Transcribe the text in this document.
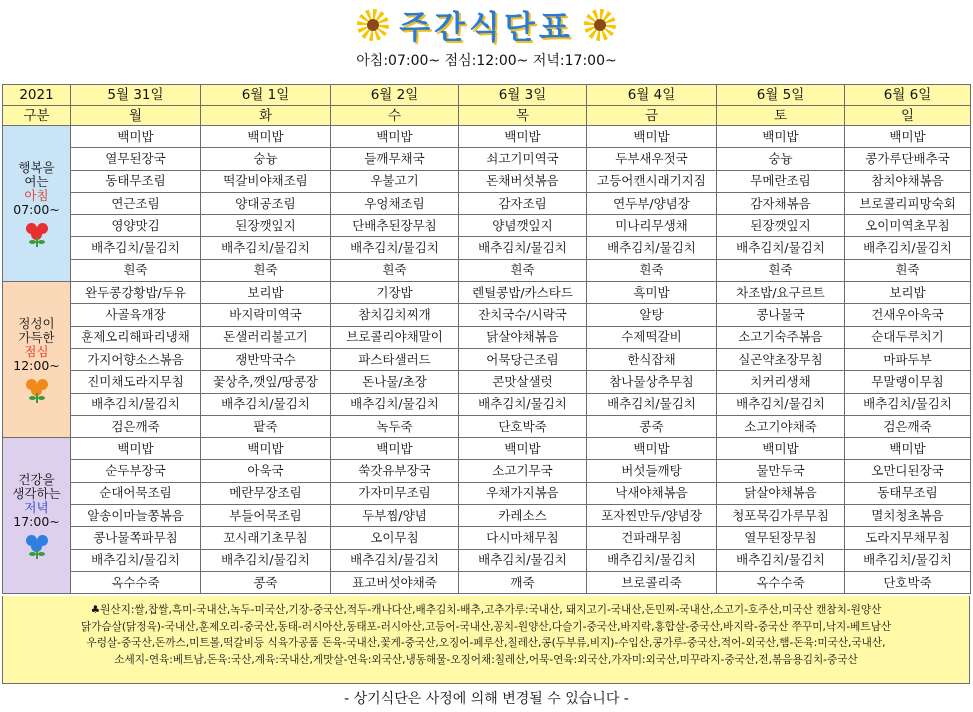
주간식단표
아침:07:00~ 점심:12:00~ 저녁:17:00~
2021	5월 31일	6월 1일	6월 2일	6월 3일	6월 4일	6월 5일	6월 6일
구분	월	화	수	목	금	토	일

행복을
여는
아침
07:00~	백미밥	백미밥	백미밥	백미밥	백미밥	백미밥	백미밥
	열무된장국	숭늉	들깨무채국	쇠고기미역국	두부새우젓국	숭늉	콩가루단배추국
	동태무조림	떡갈비야채조림	우불고기	돈채버섯볶음	고등어캔시래기지짐	무메란조림	참치야채볶음
	연근조림	양대공조림	우엉채조림	감자조림	연두부/양념장	감자채볶음	브로콜리피망숙회
	영양맛김	된장깻잎지	단배추된장무침	양념깻잎지	미나리무생채	된장깻잎지	오이미역초무침
	배추김치/물김치	배추김치/물김치	배추김치/물김치	배추김치/물김치	배추김치/물김치	배추김치/물김치	배추김치/물김치
	흰죽	흰죽	흰죽	흰죽	흰죽	흰죽	흰죽

정성이
가득한
점심
12:00~	완두콩강황밥/두유	보리밥	기장밥	렌틸콩밥/카스타드	흑미밥	차조밥/요구르트	보리밥
	사골육개장	바지락미역국	참치김치찌개	잔치국수/시락국	알탕	콩나물국	건새우아욱국
	훈제오리해파리냉채	돈샐러리불고기	브로콜리야채말이	닭살야채볶음	수제떡갈비	소고기숙주볶음	순대두루치기
	가지어향소스볶음	쟁반막국수	파스타샐러드	어묵당근조림	한식잡채	실곤약초장무침	마파두부
	진미채도라지무침	꽃상추,깻잎/땅콩장	돈나물/초장	콘맛살샐럿	참나물상추무침	치커리생채	무말랭이무침
	배추김치/물김치	배추김치/물김치	배추김치/물김치	배추김치/물김치	배추김치/물김치	배추김치/물김치	배추김치/물김치
	검은깨죽	팥죽	녹두죽	단호박죽	콩죽	소고기야채죽	검은깨죽

건강을
생각하는
저녁
17:00~	백미밥	백미밥	백미밥	백미밥	백미밥	백미밥	백미밥
	순두부장국	아욱국	쑥갓유부장국	소고기무국	버섯들깨탕	물만두국	오만디된장국
	순대어묵조림	메란무장조림	가자미무조림	우채가지볶음	낙새야채볶음	닭살야채볶음	동태무조림
	알송이마늘쫑볶음	부들어묵조림	두부찜/양념	카레소스	포자찐만두/양념장	청포묵김가루무침	멸치청초볶음
	콩나물쪽파무침	꼬시래기초무침	오이무침	다시마채무침	건파래무침	열무된장무침	도라지무채무침
	배추김치/물김치	배추김치/물김치	배추김치/물김치	배추김치/물김치	배추김치/물김치	배추김치/물김치	배추김치/물김치
	옥수수죽	콩죽	표고버섯야채죽	깨죽	브로콜리죽	옥수수죽	단호박죽
♣원산지:쌀,찹쌀,흑미-국내산,녹두-미국산,기장-중국산,적두-캐나다산,배추김치-배추,고추가루:국내산, 돼지고기-국내산,돈민찌-국내산,소고기-호주산,미국산 캔참치-원양산
닭가슴살(닭정육)-국내산,훈제오리-중국산,동태-러시아산,동태포-러시아산,고등어-국내산,꽁치-원양산,다슬기-중국산,바지락,홍합살-중국산,바지락-중국산 쭈꾸미,낙지-베트남산
우렁살-중국산,돈까스,미트볼,떡갈비등 식육가공품 돈육-국내산,꽃게-중국산,오징어-페루산,칠레산,콩(두부류,비지)-수입산,콩가루-중국산,적어-외국산,햄-돈육:미국산,국내산,
소세지-연육:베트남,돈육:국산,계육:국내산,게맛살-연육:외국산,냉동해물-오징어채:칠레산,어묵-연육:외국산,가자미:외국산,미꾸라지-중국산,전,볶음용김치-중국산
- 상기식단은 사정에 의해 변경될 수 있습니다 -
